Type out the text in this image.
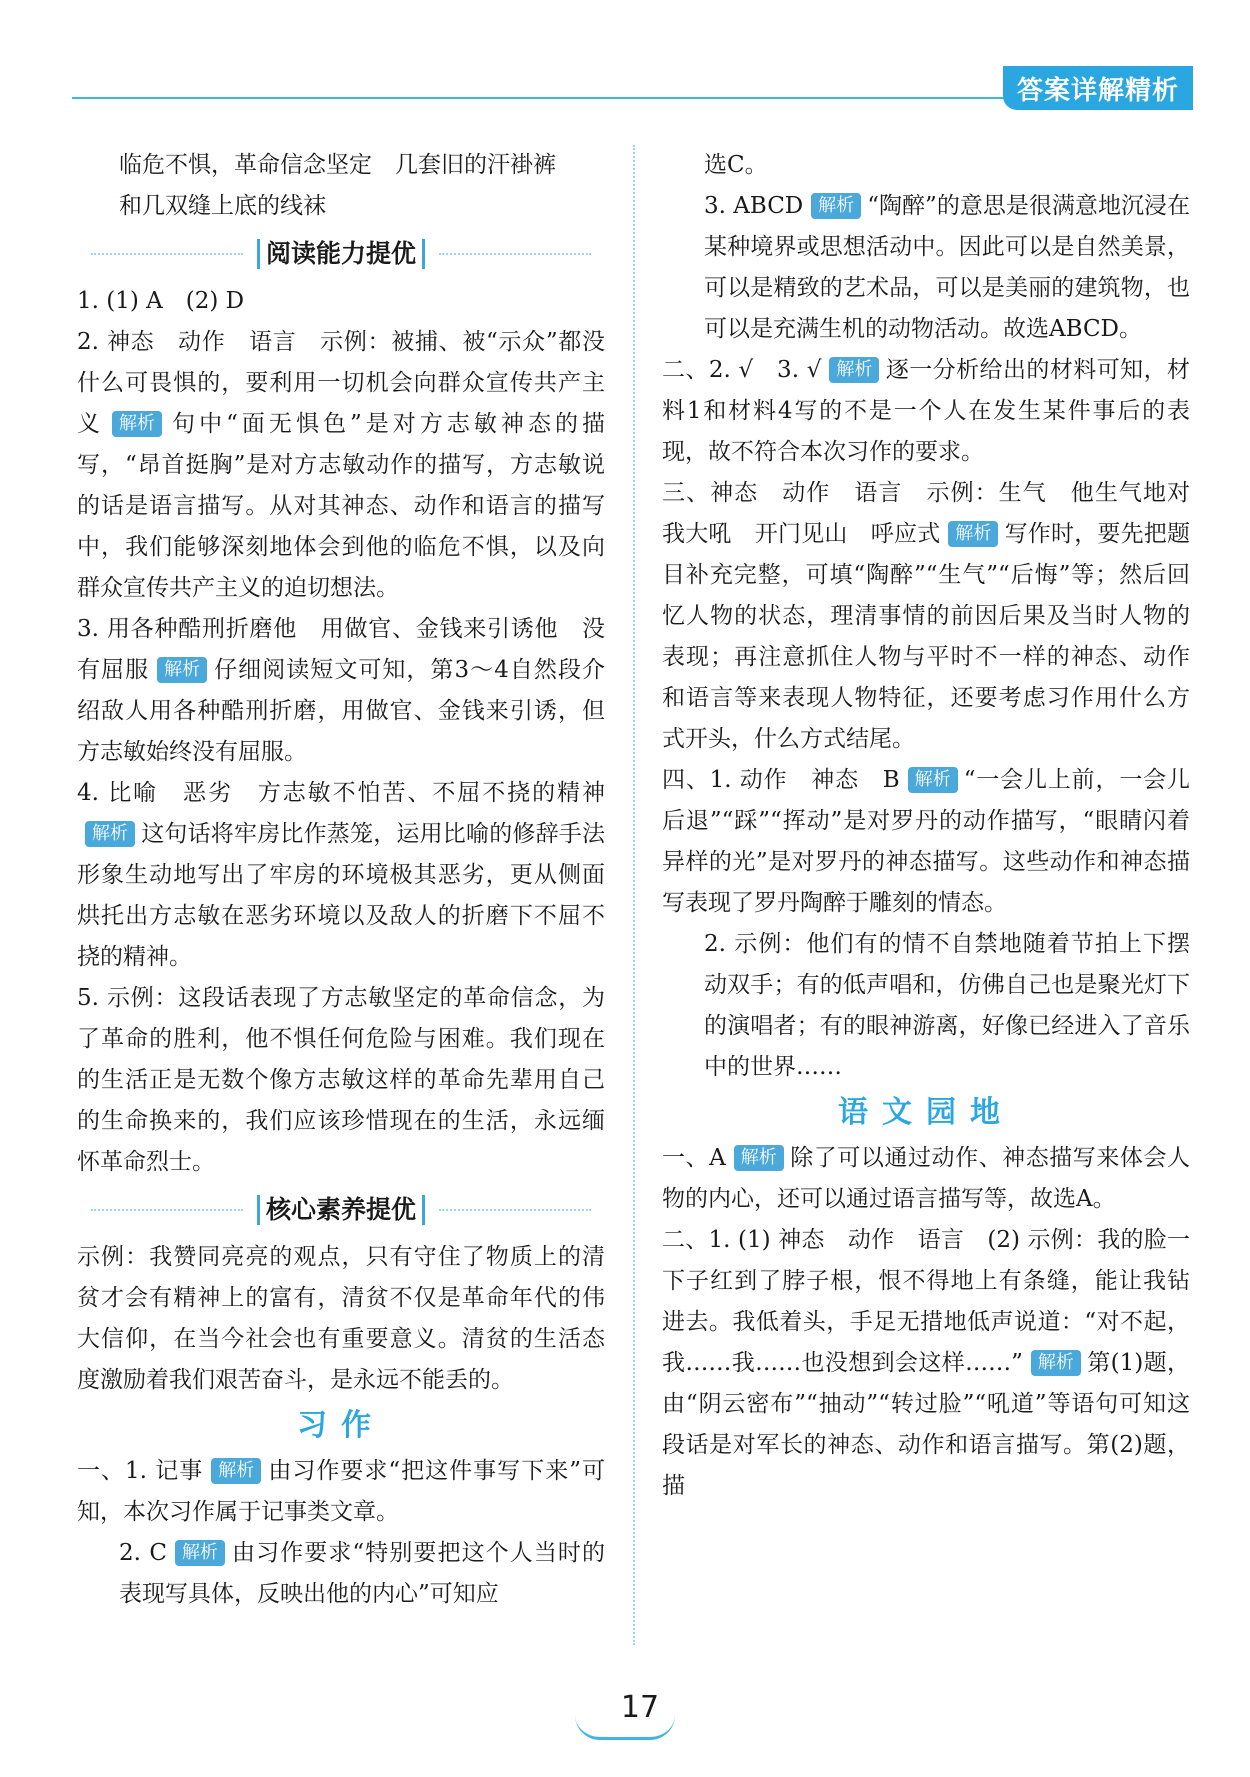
答案详解精析

临危不惧，革命信念坚定　几套旧的汗褂裤

和几双缝上底的线袜

阅读能力提优

1. (1) A　(2) D

2. 神态　动作　语言　示例：被捕、被“示众”都没什么可畏惧的，要利用一切机会向群众宣传共产主义 解析 句中“面无惧色”是对方志敏神态的描写，“昂首挺胸”是对方志敏动作的描写，方志敏说的话是语言描写。从对其神态、动作和语言的描写中，我们能够深刻地体会到他的临危不惧，以及向群众宣传共产主义的迫切想法。

3. 用各种酷刑折磨他　用做官、金钱来引诱他　没有屈服 解析 仔细阅读短文可知，第3～4自然段介绍敌人用各种酷刑折磨，用做官、金钱来引诱，但方志敏始终没有屈服。

4. 比喻　恶劣　方志敏不怕苦、不屈不挠的精神解析 这句话将牢房比作蒸笼，运用比喻的修辞手法形象生动地写出了牢房的环境极其恶劣，更从侧面烘托出方志敏在恶劣环境以及敌人的折磨下不屈不挠的精神。

5. 示例：这段话表现了方志敏坚定的革命信念，为了革命的胜利，他不惧任何危险与困难。我们现在的生活正是无数个像方志敏这样的革命先辈用自己的生命换来的，我们应该珍惜现在的生活，永远缅怀革命烈士。

核心素养提优

示例：我赞同亮亮的观点，只有守住了物质上的清贫才会有精神上的富有，清贫不仅是革命年代的伟大信仰，在当今社会也有重要意义。清贫的生活态度激励着我们艰苦奋斗，是永远不能丢的。

习作

一、1. 记事 解析 由习作要求“把这件事写下来”可知，本次习作属于记事类文章。

2. C 解析 由习作要求“特别要把这个人当时的表现写具体，反映出他的内心”可知应

选C。

3. ABCD 解析 “陶醉”的意思是很满意地沉浸在某种境界或思想活动中。因此可以是自然美景，可以是精致的艺术品，可以是美丽的建筑物，也可以是充满生机的动物活动。故选ABCD。

二、2. √　3. √ 解析 逐一分析给出的材料可知，材料1和材料4写的不是一个人在发生某件事后的表现，故不符合本次习作的要求。

三、神态　动作　语言　示例：生气　他生气地对我大吼　开门见山　呼应式 解析 写作时，要先把题目补充完整，可填“陶醉”“生气”“后悔”等；然后回忆人物的状态，理清事情的前因后果及当时人物的表现；再注意抓住人物与平时不一样的神态、动作和语言等来表现人物特征，还要考虑习作用什么方式开头，什么方式结尾。

四、1. 动作　神态　B 解析 “一会儿上前，一会儿后退”“踩”“挥动”是对罗丹的动作描写，“眼睛闪着异样的光”是对罗丹的神态描写。这些动作和神态描写表现了罗丹陶醉于雕刻的情态。

2. 示例：他们有的情不自禁地随着节拍上下摆动双手；有的低声唱和，仿佛自己也是聚光灯下的演唱者；有的眼神游离，好像已经进入了音乐中的世界……

语文园地

一、A 解析 除了可以通过动作、神态描写来体会人物的内心，还可以通过语言描写等，故选A。

二、1. (1) 神态　动作　语言　(2) 示例：我的脸一下子红到了脖子根，恨不得地上有条缝，能让我钻进去。我低着头，手足无措地低声说道：“对不起，我……我……也没想到会这样……” 解析 第(1)题，由“阴云密布”“抽动”“转过脸”“吼道”等语句可知这段话是对军长的神态、动作和语言描写。第(2)题，描

17
